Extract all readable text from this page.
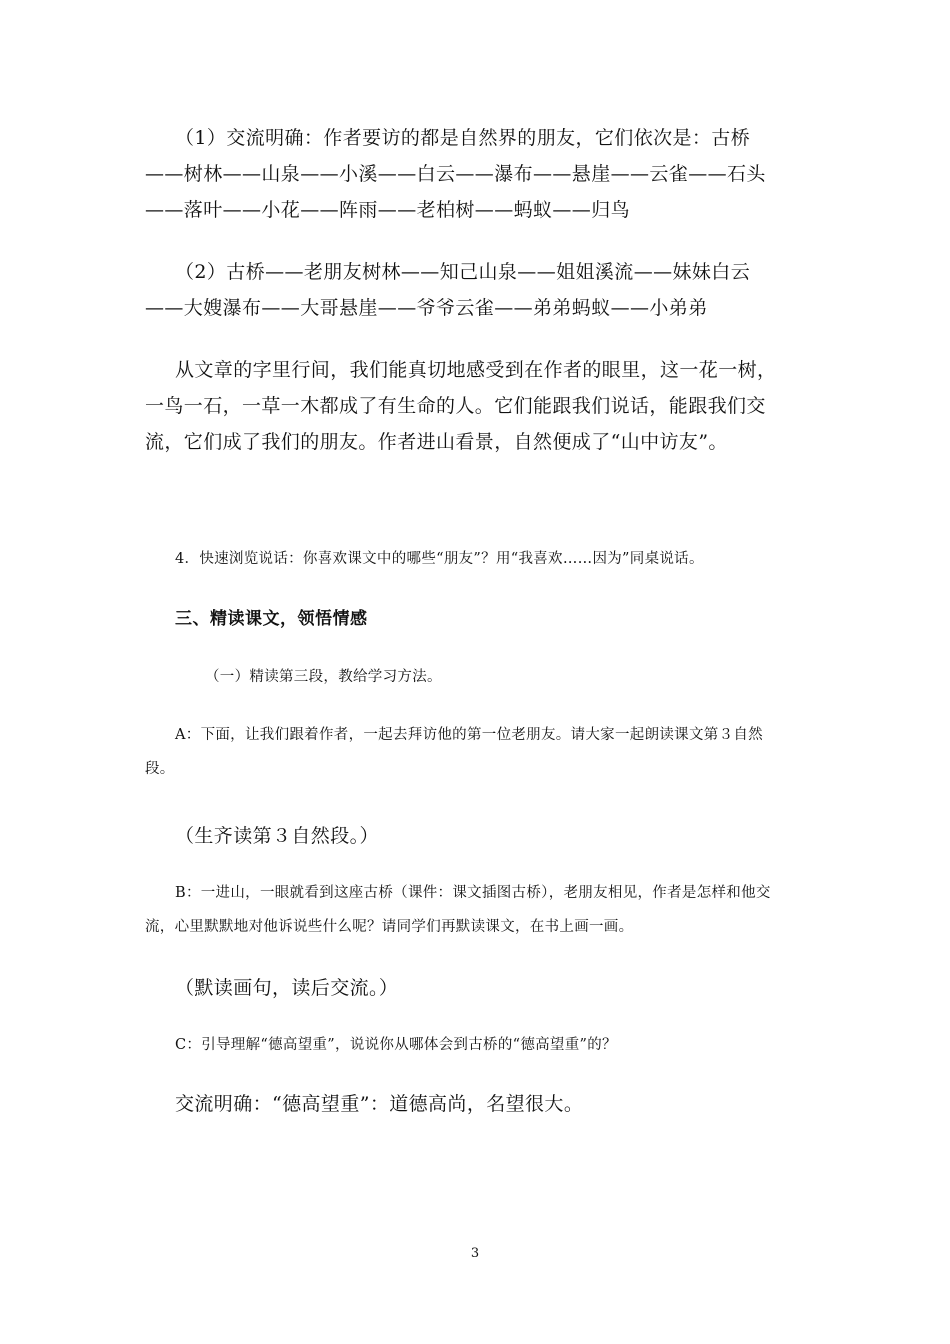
（1）交流明确：作者要访的都是自然界的朋友，它们依次是：古桥——树林——山泉——小溪——白云——瀑布——悬崖——云雀——石头——落叶——小花——阵雨——老柏树——蚂蚁——归鸟

（2）古桥——老朋友树林——知己山泉——姐姐溪流——妹妹白云——大嫂瀑布——大哥悬崖——爷爷云雀——弟弟蚂蚁——小弟弟

从文章的字里行间，我们能真切地感受到在作者的眼里，这一花一树，一鸟一石，一草一木都成了有生命的人。它们能跟我们说话，能跟我们交流，它们成了我们的朋友。作者进山看景，自然便成了“山中访友”。

4．快速浏览说话：你喜欢课文中的哪些“朋友”？用“我喜欢……因为”同桌说话。

三、精读课文，领悟情感

（一）精读第三段，教给学习方法。

A：下面，让我们跟着作者，一起去拜访他的第一位老朋友。请大家一起朗读课文第３自然段。

（生齐读第３自然段。）

B：一进山，一眼就看到这座古桥（课件：课文插图古桥），老朋友相见，作者是怎样和他交流，心里默默地对他诉说些什么呢？请同学们再默读课文，在书上画一画。

（默读画句，读后交流。）

C：引导理解“德高望重”，说说你从哪体会到古桥的“德高望重”的？

交流明确：“德高望重”：道德高尚，名望很大。

3
